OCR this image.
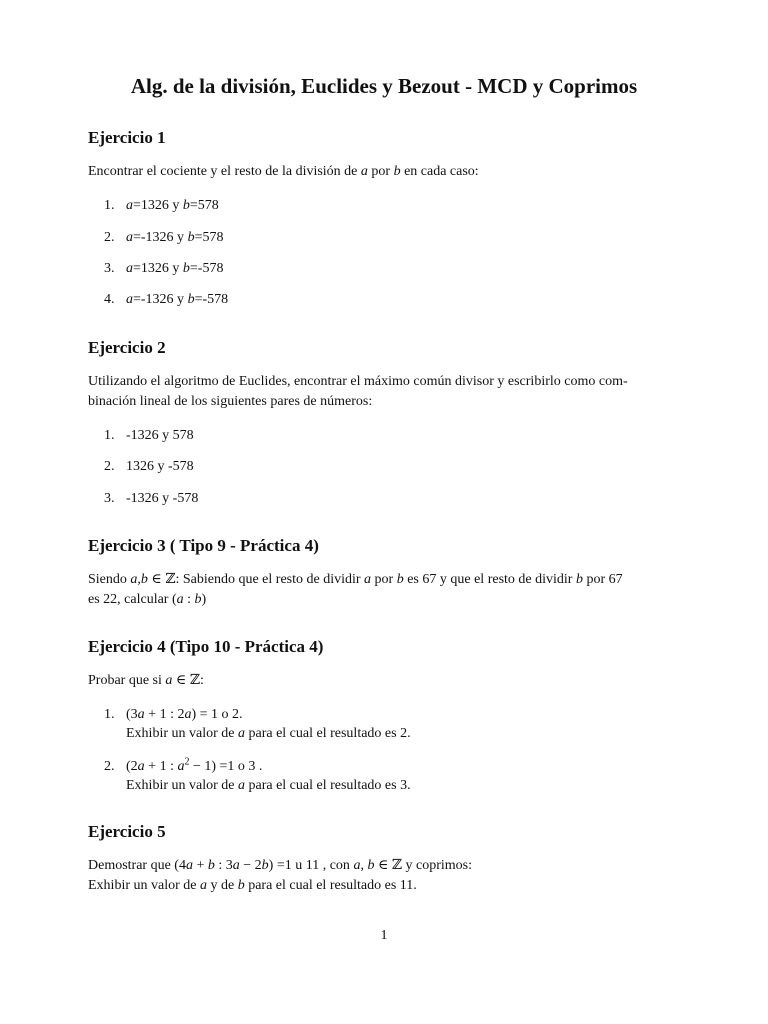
Alg. de la división, Euclides y Bezout - MCD y Coprimos
Ejercicio 1
Encontrar el cociente y el resto de la división de a por b en cada caso:
1. a=1326 y b=578
2. a=-1326 y b=578
3. a=1326 y b=-578
4. a=-1326 y b=-578
Ejercicio 2
Utilizando el algoritmo de Euclides, encontrar el máximo común divisor y escribirlo como com-
binación lineal de los siguientes pares de números:
1. -1326 y 578
2. 1326 y -578
3. -1326 y -578
Ejercicio 3 ( Tipo 9 - Práctica 4)
Siendo a,b ∈ ℤ: Sabiendo que el resto de dividir a por b es 67 y que el resto de dividir b por 67
es 22, calcular (a : b)
Ejercicio 4 (Tipo 10 - Práctica 4)
Probar que si a ∈ ℤ:
1. (3a + 1 : 2a) = 1 o 2.
Exhibir un valor de a para el cual el resultado es 2.
2. (2a + 1 : $a^2 - 1) =1$ o 3 .
Exhibir un valor de a para el cual el resultado es 3.
Ejercicio 5
Demostrar que (4a + b : 3a − 2b) =1 u 11 , con a, b ∈ ℤ y coprimos:
Exhibir un valor de a y de b para el cual el resultado es 11.
1
